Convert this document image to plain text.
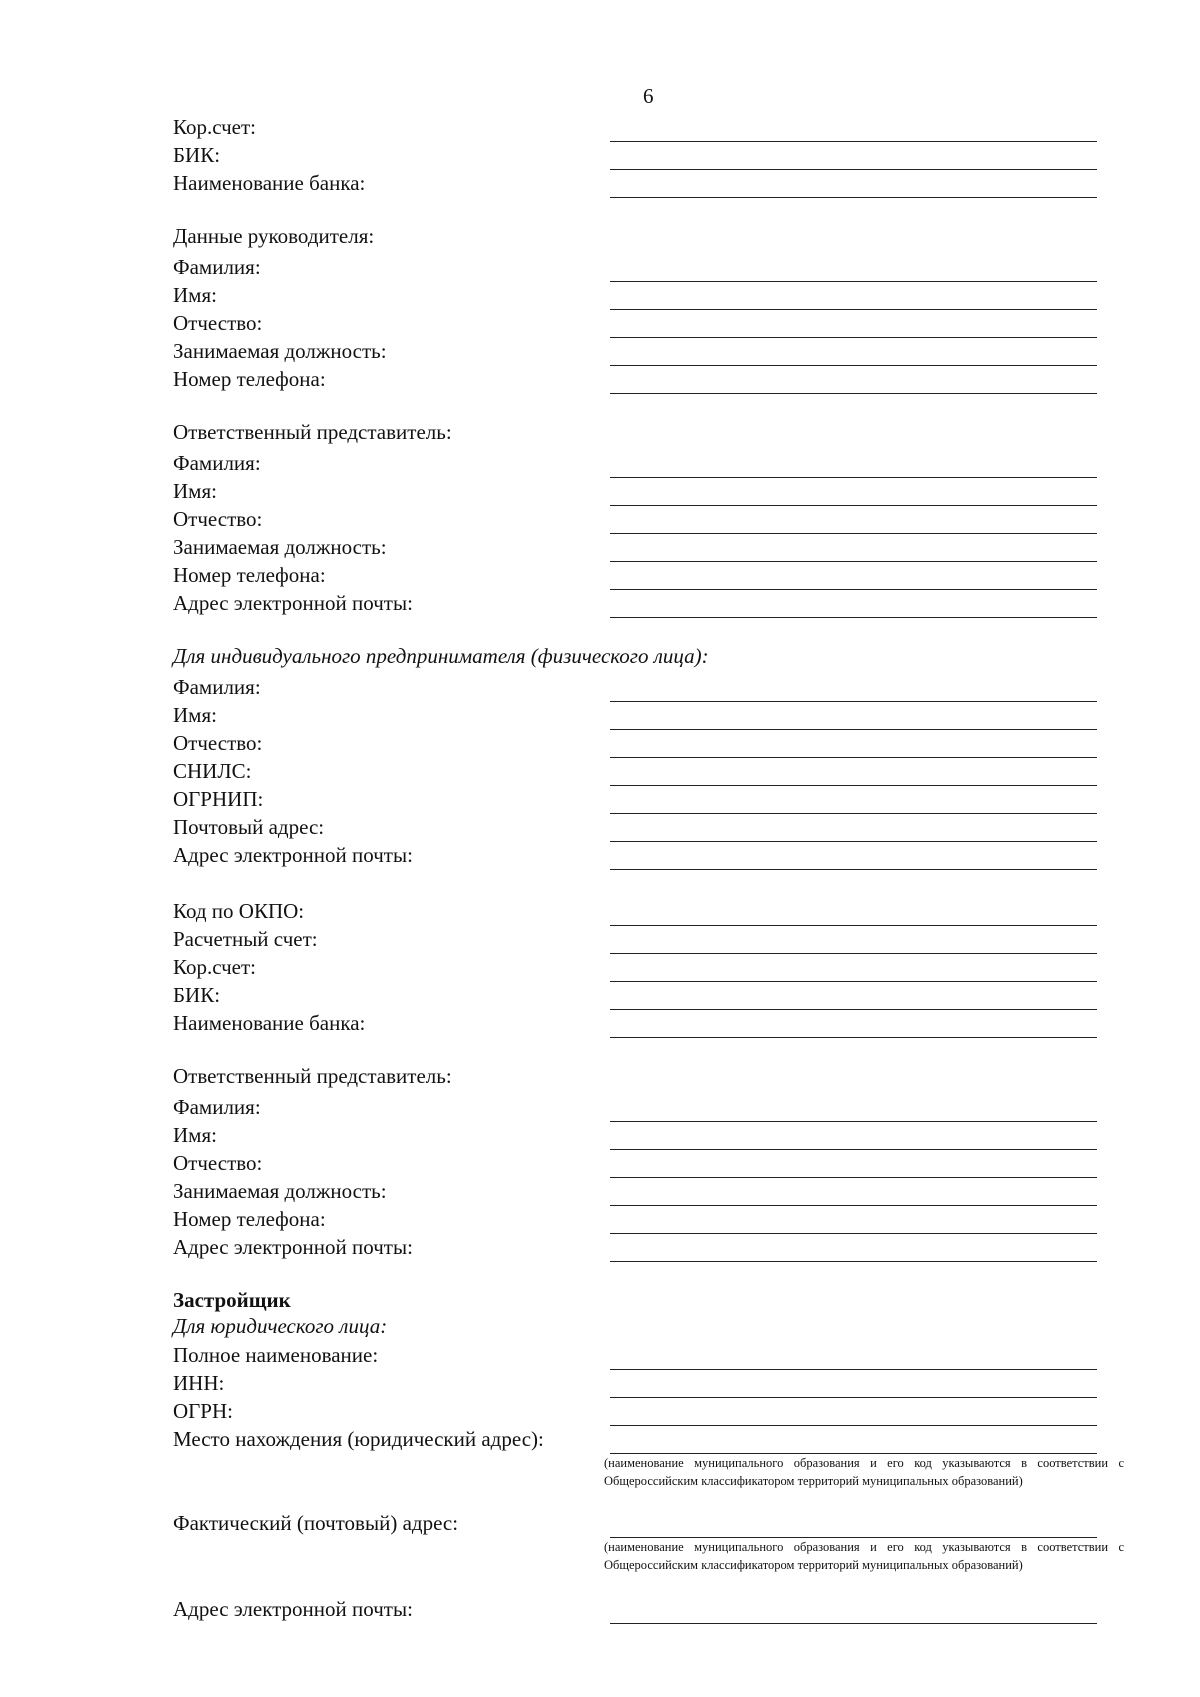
6
Кор.счет:
БИК:
Наименование банка:
Данные руководителя:
Фамилия:
Имя:
Отчество:
Занимаемая должность:
Номер телефона:
Ответственный представитель:
Фамилия:
Имя:
Отчество:
Занимаемая должность:
Номер телефона:
Адрес электронной почты:
Для индивидуального предпринимателя (физического лица):
Фамилия:
Имя:
Отчество:
СНИЛС:
ОГРНИП:
Почтовый адрес:
Адрес электронной почты:
Код по ОКПО:
Расчетный счет:
Кор.счет:
БИК:
Наименование банка:
Ответственный представитель:
Фамилия:
Имя:
Отчество:
Занимаемая должность:
Номер телефона:
Адрес электронной почты:
Застройщик
Для юридического лица:
Полное наименование:
ИНН:
ОГРН:
Место нахождения (юридический адрес):
(наименование муниципального образования и его код указываются в соответствии с Общероссийским классификатором территорий муниципальных образований)
Фактический (почтовый) адрес:
(наименование муниципального образования и его код указываются в соответствии с Общероссийским классификатором территорий муниципальных образований)
Адрес электронной почты:
